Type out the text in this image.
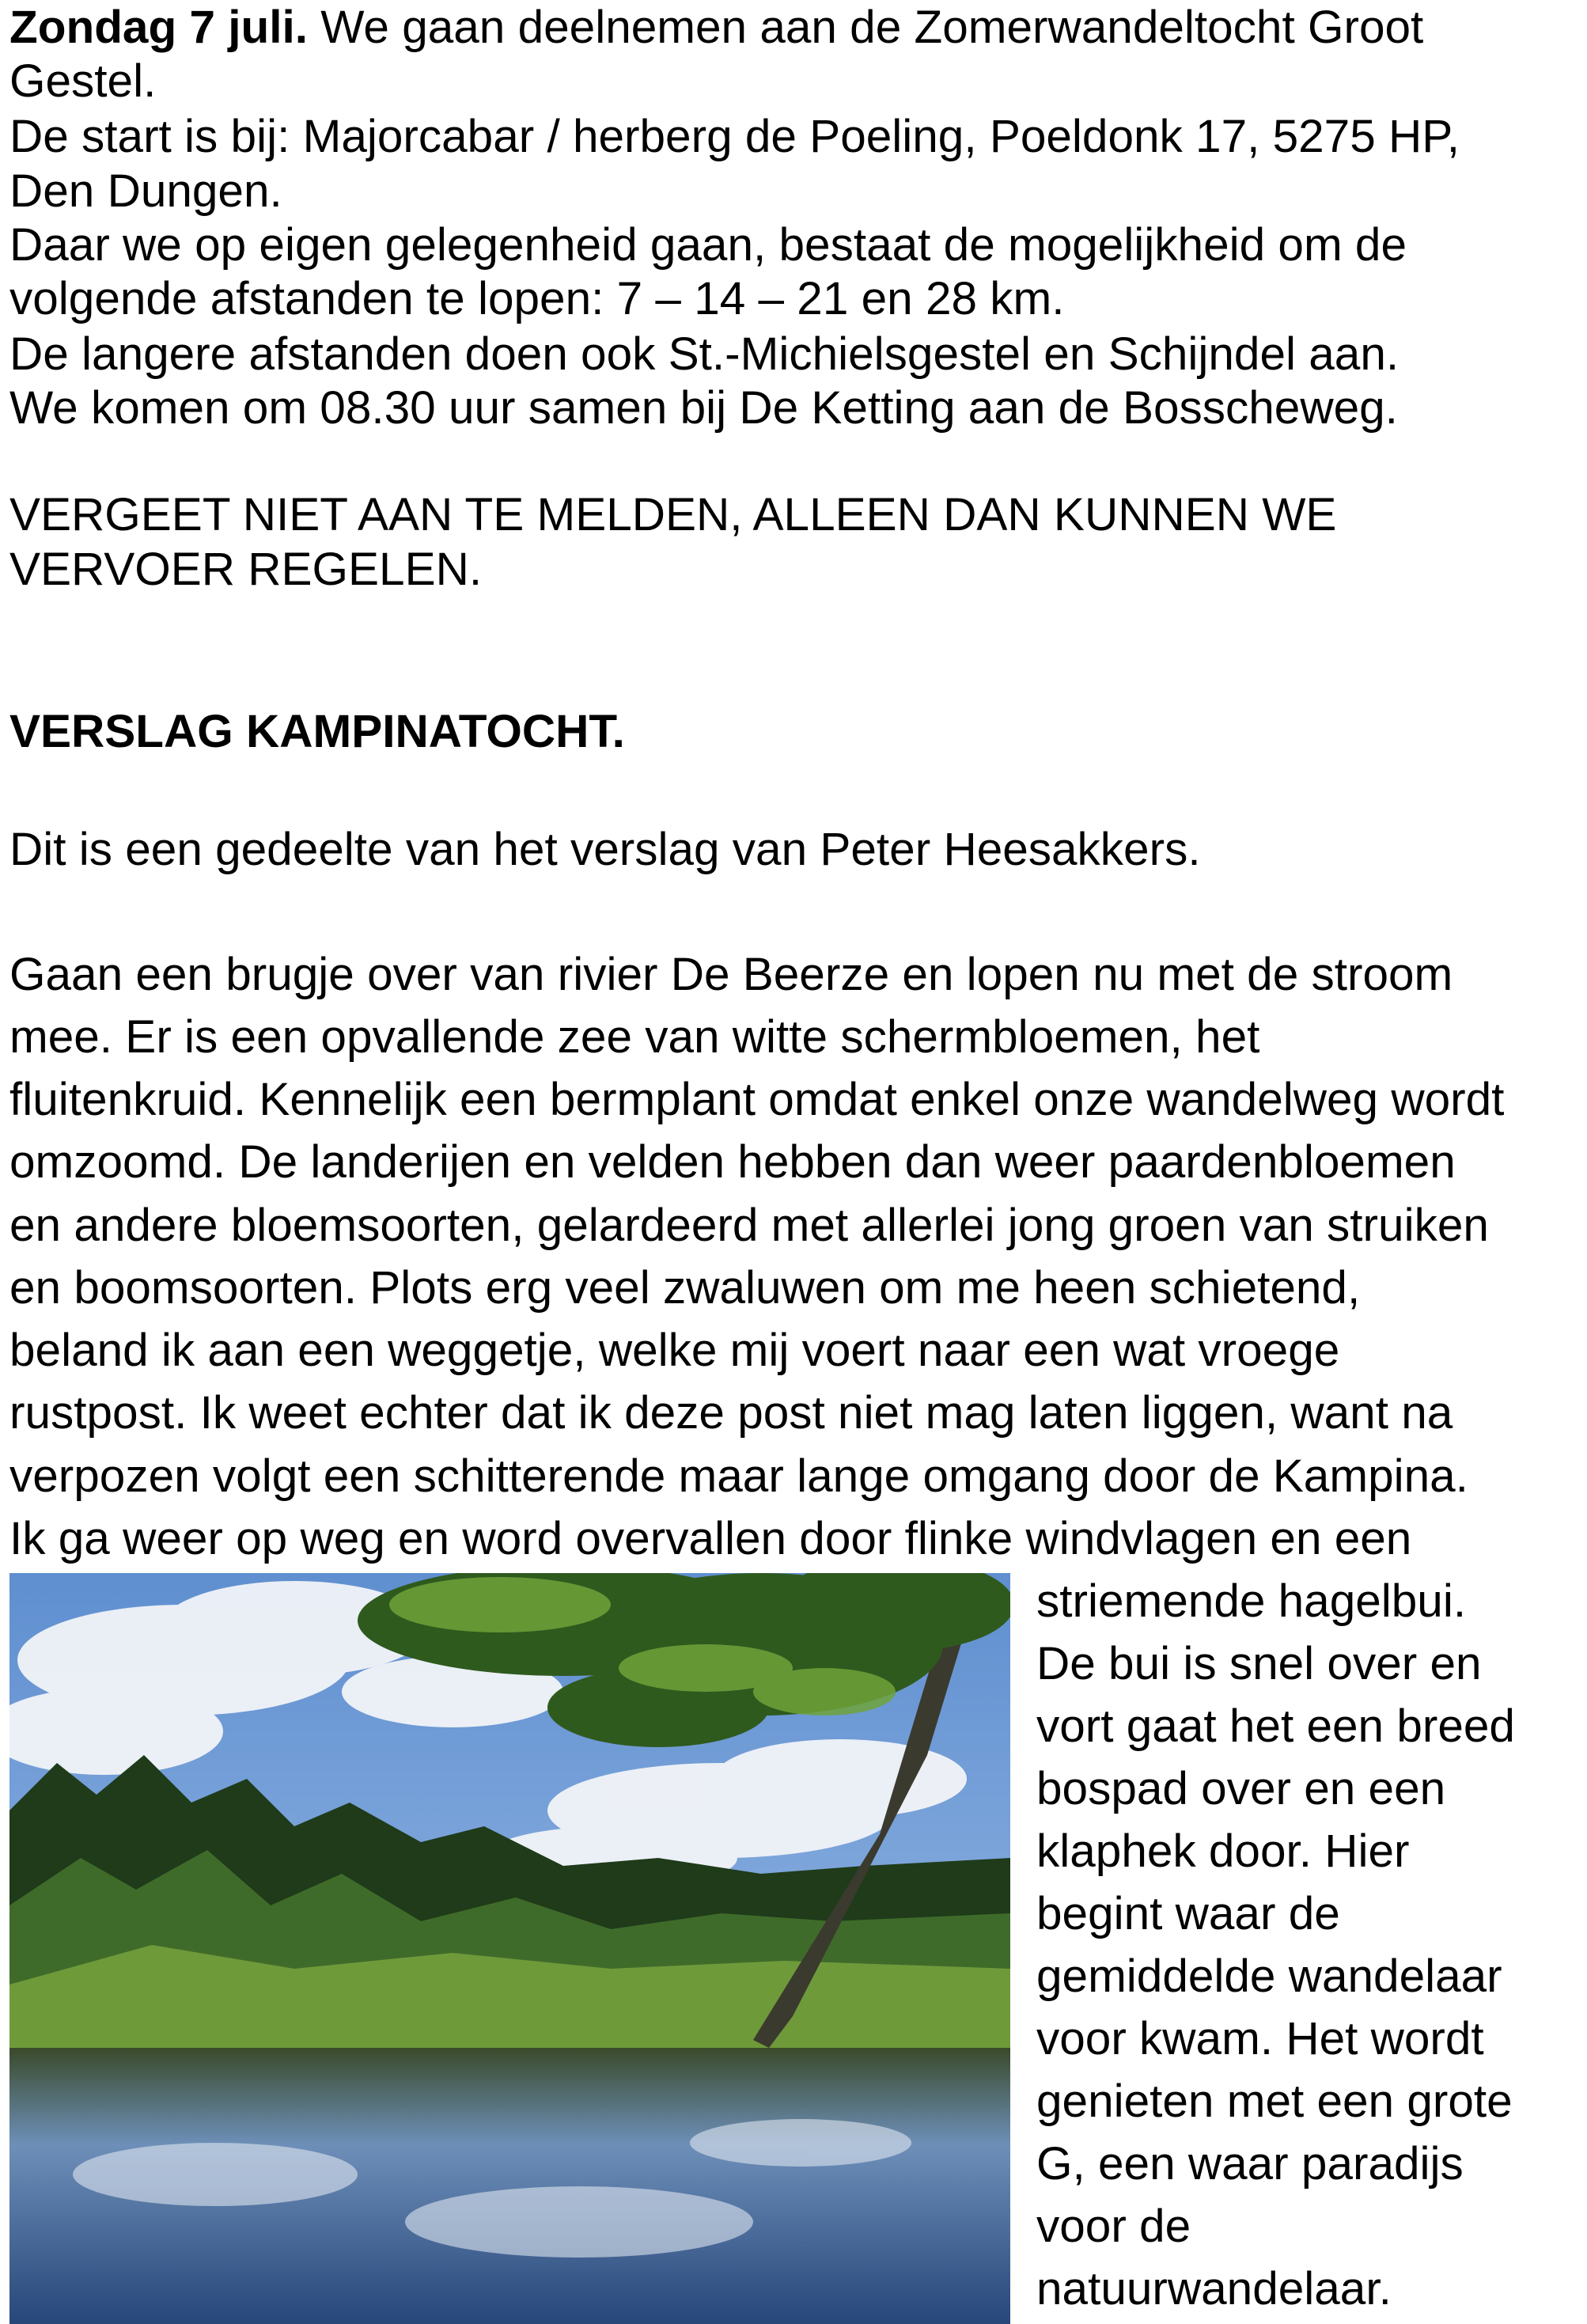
Zondag 7 juli. We gaan deelnemen aan de Zomerwandeltocht Groot

Gestel.

De start is bij: Majorcabar / herberg de Poeling, Poeldonk 17, 5275 HP,

Den Dungen.

Daar we op eigen gelegenheid gaan, bestaat de mogelijkheid om de

volgende afstanden te lopen: 7 – 14 – 21 en 28 km.

De langere afstanden doen ook St.-Michielsgestel en Schijndel aan.

We komen om 08.30 uur samen bij De Ketting aan de Bosscheweg.

VERGEET NIET AAN TE MELDEN, ALLEEN DAN KUNNEN WE

VERVOER REGELEN.

VERSLAG KAMPINATOCHT.

Dit is een gedeelte van het verslag van Peter Heesakkers.

Gaan een brugje over van rivier De Beerze en lopen nu met de stroom

mee. Er is een opvallende zee van witte schermbloemen, het

fluitenkruid. Kennelijk een bermplant omdat enkel onze wandelweg wordt

omzoomd. De landerijen en velden hebben dan weer paardenbloemen

en andere bloemsoorten, gelardeerd met allerlei jong groen van struiken

en boomsoorten. Plots erg veel zwaluwen om me heen schietend,

beland ik aan een weggetje, welke mij voert naar een wat vroege

rustpost. Ik weet echter dat ik deze post niet mag laten liggen, want na

verpozen volgt een schitterende maar lange omgang door de Kampina.

Ik ga weer op weg en word overvallen door flinke windvlagen en een

striemende hagelbui.

De bui is snel over en

vort gaat het een breed

bospad over en een

klaphek door. Hier

begint waar de

gemiddelde wandelaar

voor kwam. Het wordt

genieten met een grote

G, een waar paradijs

voor de

natuurwandelaar.
